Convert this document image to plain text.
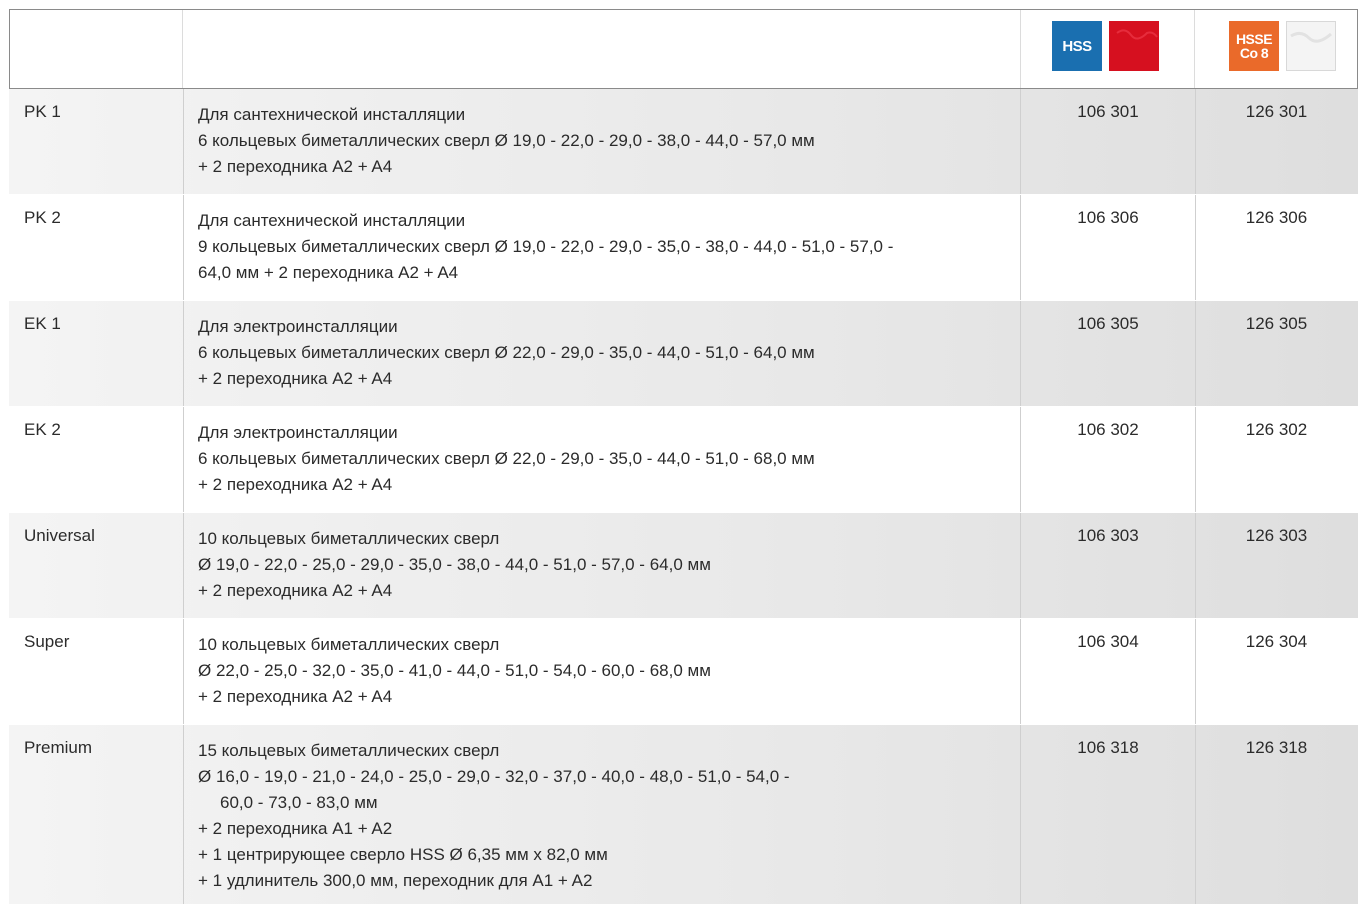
HSS	HSSE
Co 8
PK 1	Для сантехнической инсталляции
6 кольцевых биметаллических сверл Ø 19,0 - 22,0 - 29,0 - 38,0 - 44,0 - 57,0 мм
+ 2 переходника A2 + A4
106 301	126 301
PK 2	Для сантехнической инсталляции
9 кольцевых биметаллических сверл Ø 19,0 - 22,0 - 29,0 - 35,0 - 38,0 - 44,0 - 51,0 - 57,0 -
64,0 мм + 2 переходника A2 + A4
106 306	126 306
EK 1	Для электроинсталляции
6 кольцевых биметаллических сверл Ø 22,0 - 29,0 - 35,0 - 44,0 - 51,0 - 64,0 мм
+ 2 переходника A2 + A4
106 305	126 305
EK 2	Для электроинсталляции
6 кольцевых биметаллических сверл Ø 22,0 - 29,0 - 35,0 - 44,0 - 51,0 - 68,0 мм
+ 2 переходника A2 + A4
106 302	126 302
Universal	10 кольцевых биметаллических сверл
Ø 19,0 - 22,0 - 25,0 - 29,0 - 35,0 - 38,0 - 44,0 - 51,0 - 57,0 - 64,0 мм
+ 2 переходника A2 + A4
106 303	126 303
Super	10 кольцевых биметаллических сверл
Ø 22,0 - 25,0 - 32,0 - 35,0 - 41,0 - 44,0 - 51,0 - 54,0 - 60,0 - 68,0 мм
+ 2 переходника A2 + A4
106 304	126 304
Premium	15 кольцевых биметаллических сверл
Ø 16,0 - 19,0 - 21,0 - 24,0 - 25,0 - 29,0 - 32,0 - 37,0 - 40,0 - 48,0 - 51,0 - 54,0 -
60,0 - 73,0 - 83,0 мм
+ 2 переходника A1 + A2
+ 1 центрирующее сверло HSS Ø 6,35 мм x 82,0 мм
+ 1 удлинитель 300,0 мм, переходник для A1 + A2
106 318	126 318
